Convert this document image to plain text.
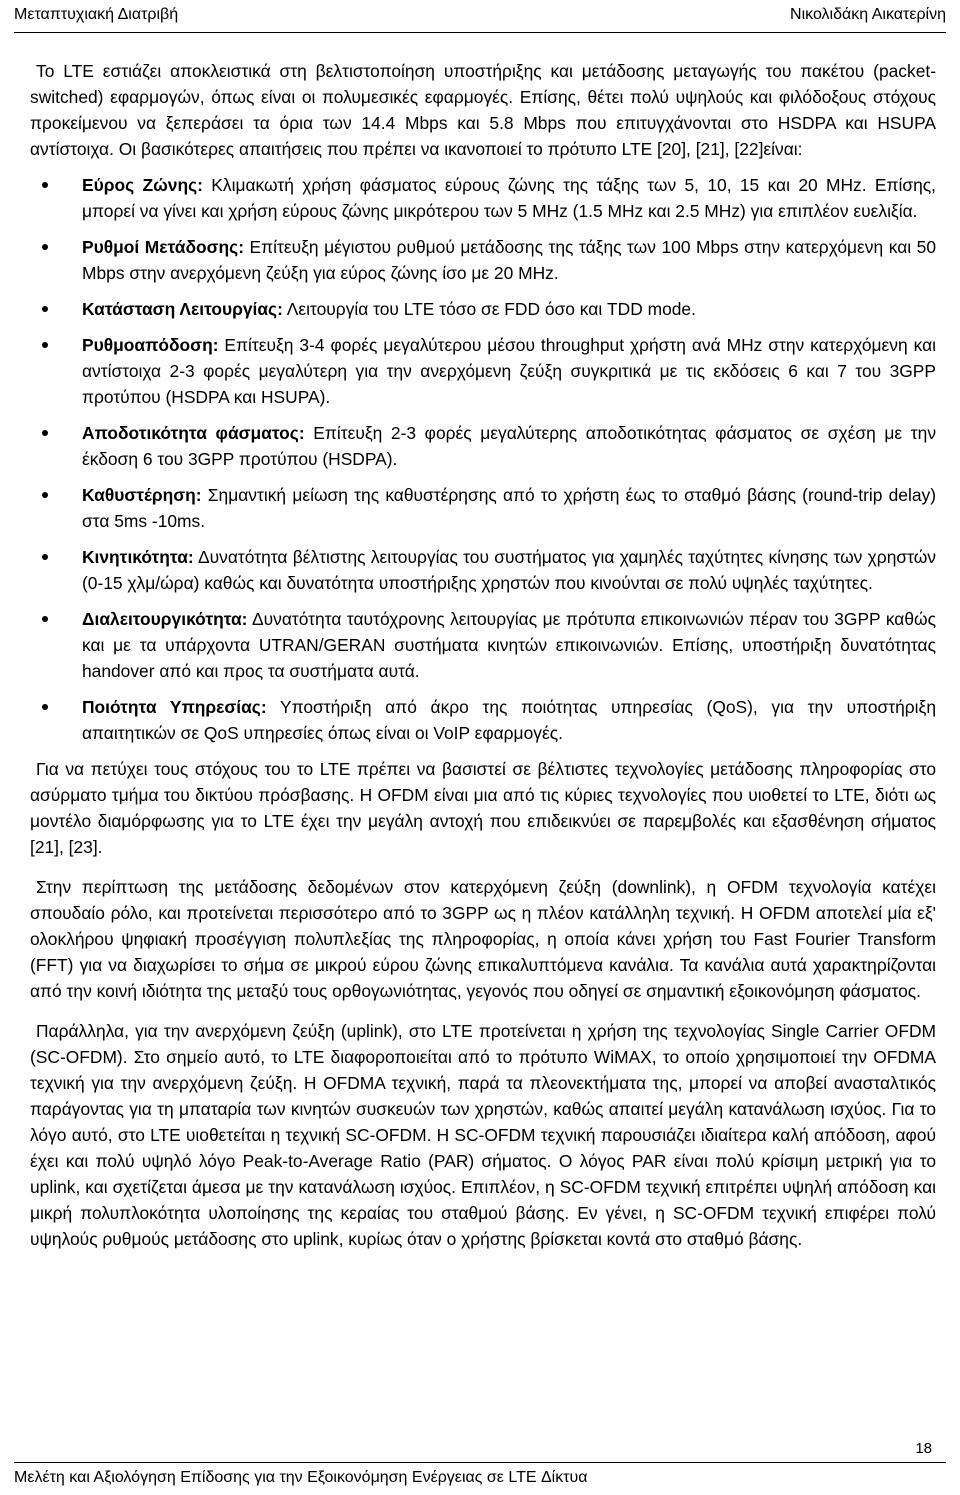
Μεταπτυχιακή Διατριβή	Νικολιδάκη Αικατερίνη

Το LTE εστιάζει αποκλειστικά στη βελτιστοποίηση υποστήριξης και μετάδοσης μεταγωγής του πακέτου (packet-switched) εφαρμογών, όπως είναι οι πολυμεσικές εφαρμογές. Επίσης, θέτει πολύ υψηλούς και φιλόδοξους στόχους προκείμενου να ξεπεράσει τα όρια των 14.4 Mbps και 5.8 Mbps που επιτυγχάνονται στο HSDPA και HSUPA αντίστοιχα. Οι βασικότερες απαιτήσεις που πρέπει να ικανοποιεί το πρότυπο LTE [20], [21], [22]είναι:

Εύρος Ζώνης: Κλιμακωτή χρήση φάσματος εύρους ζώνης της τάξης των 5, 10, 15 και 20 MHz. Επίσης, μπορεί να γίνει και χρήση εύρους ζώνης μικρότερου των 5 MHz (1.5 MHz και 2.5 MHz) για επιπλέον ευελιξία.
Ρυθμοί Μετάδοσης: Επίτευξη μέγιστου ρυθμού μετάδοσης της τάξης των 100 Mbps στην κατερχόμενη και 50 Mbps στην ανερχόμενη ζεύξη για εύρος ζώνης ίσο με 20 MHz.
Κατάσταση Λειτουργίας: Λειτουργία του LTE τόσο σε FDD όσο και TDD mode.
Ρυθμοαπόδοση: Επίτευξη 3-4 φορές μεγαλύτερου μέσου throughput χρήστη ανά MHz στην κατερχόμενη και αντίστοιχα 2-3 φορές μεγαλύτερη για την ανερχόμενη ζεύξη συγκριτικά με τις εκδόσεις 6 και 7 του 3GPP προτύπου (HSDPA και HSUPA).
Αποδοτικότητα φάσματος: Επίτευξη 2-3 φορές μεγαλύτερης αποδοτικότητας φάσματος σε σχέση με την έκδοση 6 του 3GPP προτύπου (HSDPA).
Καθυστέρηση: Σημαντική μείωση της καθυστέρησης από το χρήστη έως το σταθμό βάσης (round-trip delay) στα 5ms -10ms.
Κινητικότητα: Δυνατότητα βέλτιστης λειτουργίας του συστήματος για χαμηλές ταχύτητες κίνησης των χρηστών (0-15 χλμ/ώρα) καθώς και δυνατότητα υποστήριξης χρηστών που κινούνται σε πολύ υψηλές ταχύτητες.
Διαλειτουργικότητα: Δυνατότητα ταυτόχρονης λειτουργίας με πρότυπα επικοινωνιών πέραν του 3GPP καθώς και με τα υπάρχοντα UTRAN/GERAN συστήματα κινητών επικοινωνιών. Επίσης, υποστήριξη δυνατότητας handover από και προς τα συστήματα αυτά.
Ποιότητα Υπηρεσίας: Υποστήριξη από άκρο της ποιότητας υπηρεσίας (QoS), για την υποστήριξη απαιτητικών σε QoS υπηρεσίες όπως είναι οι VoIP εφαρμογές.

Για να πετύχει τους στόχους του το LTE πρέπει να βασιστεί σε βέλτιστες τεχνολογίες μετάδοσης πληροφορίας στο ασύρματο τμήμα του δικτύου πρόσβασης. Η OFDM είναι μια από τις κύριες τεχνολογίες που υιοθετεί το LTE, διότι ως μοντέλο διαμόρφωσης για το LTE έχει την μεγάλη αντοχή που επιδεικνύει σε παρεμβολές και εξασθένηση σήματος [21], [23].

Στην περίπτωση της μετάδοσης δεδομένων στον κατερχόμενη ζεύξη (downlink), η OFDM τεχνολογία κατέχει σπουδαίο ρόλο, και προτείνεται περισσότερο από το 3GPP ως η πλέον κατάλληλη τεχνική. Η OFDM αποτελεί μία εξ' ολοκλήρου ψηφιακή προσέγγιση πολυπλεξίας της πληροφορίας, η οποία κάνει χρήση του Fast Fourier Transform (FFT) για να διαχωρίσει το σήμα σε μικρού εύρου ζώνης επικαλυπτόμενα κανάλια. Τα κανάλια αυτά χαρακτηρίζονται από την κοινή ιδιότητα της μεταξύ τους ορθογωνιότητας, γεγονός που οδηγεί σε σημαντική εξοικονόμηση φάσματος.

Παράλληλα, για την ανερχόμενη ζεύξη (uplink), στο LTE προτείνεται η χρήση της τεχνολογίας Single Carrier OFDM (SC-OFDM). Στο σημείο αυτό, το LTE διαφοροποιείται από το πρότυπο WiMAX, το οποίο χρησιμοποιεί την OFDMA τεχνική για την ανερχόμενη ζεύξη. Η OFDMA τεχνική, παρά τα πλεονεκτήματα της, μπορεί να αποβεί ανασταλτικός παράγοντας για τη μπαταρία των κινητών συσκευών των χρηστών, καθώς απαιτεί μεγάλη κατανάλωση ισχύος. Για το λόγο αυτό, στο LTE υιοθετείται η τεχνική SC-OFDM. Η SC-OFDM τεχνική παρουσιάζει ιδιαίτερα καλή απόδοση, αφού έχει και πολύ υψηλό λόγο Peak-to-Average Ratio (PAR) σήματος. Ο λόγος PAR είναι πολύ κρίσιμη μετρική για το uplink, και σχετίζεται άμεσα με την κατανάλωση ισχύος. Επιπλέον, η SC-OFDM τεχνική επιτρέπει υψηλή απόδοση και μικρή πολυπλοκότητα υλοποίησης της κεραίας του σταθμού βάσης. Εν γένει, η SC-OFDM τεχνική επιφέρει πολύ υψηλούς ρυθμούς μετάδοσης στο uplink, κυρίως όταν ο χρήστης βρίσκεται κοντά στο σταθμό βάσης.

18
Μελέτη και Αξιολόγηση Επίδοσης για την Εξοικονόμηση Ενέργειας σε LTE Δίκτυα
